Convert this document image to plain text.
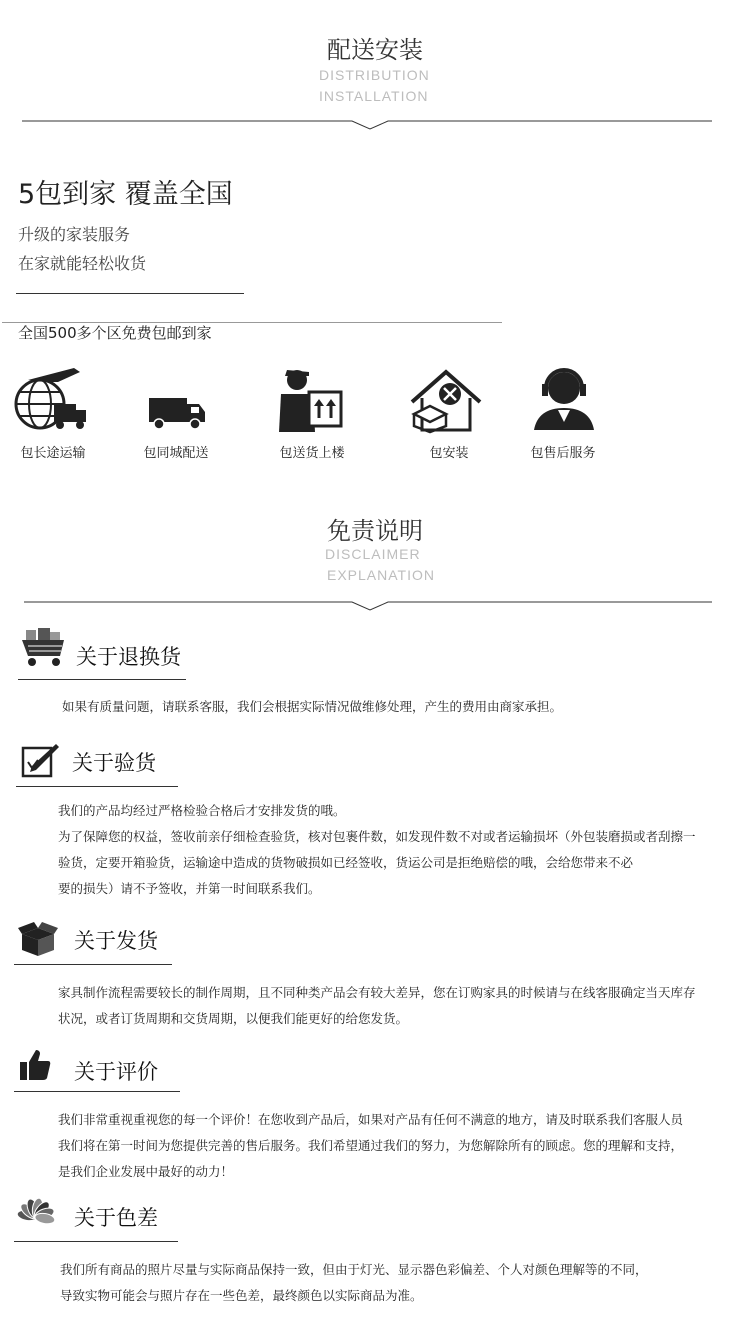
配送安装
DISTRIBUTION
INSTALLATION
5包到家 覆盖全国
升级的家装服务
在家就能轻松收货
全国500多个区免费包邮到家
包长途运输	包同城配送	包送货上楼	包安装	包售后服务
免责说明
DISCLAIMER
EXPLANATION
关于退换货
如果有质量问题，请联系客服，我们会根据实际情况做维修处理，产生的费用由商家承担。
关于验货
我们的产品均经过严格检验合格后才安排发货的哦。
为了保障您的权益，签收前亲仔细检查验货，核对包裹件数，如发现件数不对或者运输损坏（外包装磨损或者刮擦一
验货，定要开箱验货，运输途中造成的货物破损如已经签收，货运公司是拒绝赔偿的哦，会给您带来不必
要的损失）请不予签收，并第一时间联系我们。
关于发货
家具制作流程需要较长的制作周期，且不同种类产品会有较大差异，您在订购家具的时候请与在线客服确定当天库存
状况，或者订货周期和交货周期，以便我们能更好的给您发货。
关于评价
我们非常重视重视您的每一个评价！在您收到产品后，如果对产品有任何不满意的地方，请及时联系我们客服人员
我们将在第一时间为您提供完善的售后服务。我们希望通过我们的努力，为您解除所有的顾虑。您的理解和支持，
是我们企业发展中最好的动力！
关于色差
我们所有商品的照片尽量与实际商品保持一致，但由于灯光、显示器色彩偏差、个人对颜色理解等的不同，
导致实物可能会与照片存在一些色差，最终颜色以实际商品为准。
